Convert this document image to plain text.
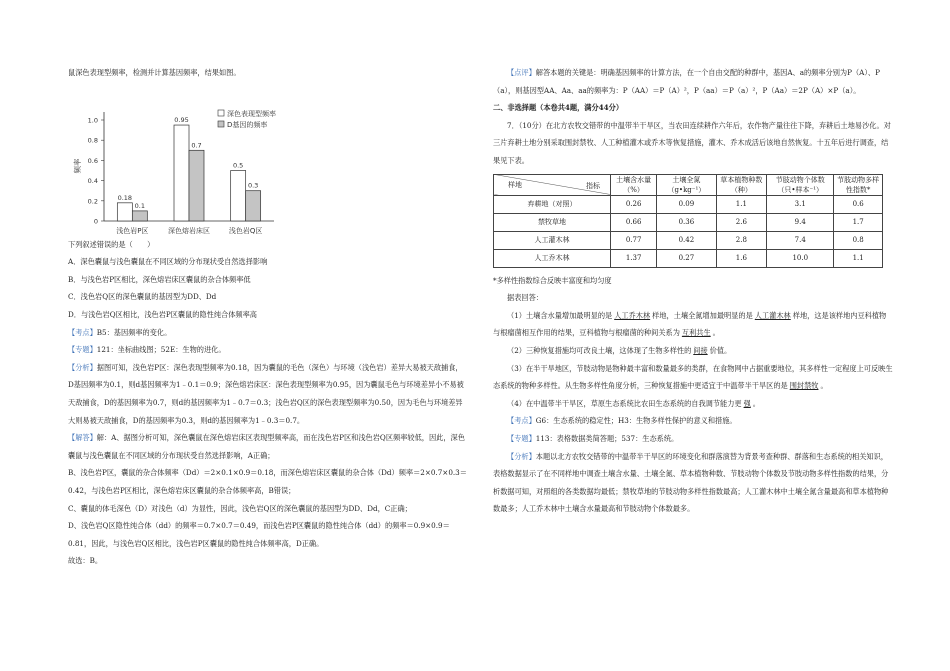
鼠深色表现型频率，检测并计算基因频率，结果如图。

0
0.2
0.4
0.6
0.8
1.0
频率
0.18
0.1
浅色岩P区
0.95
0.7
深色熔岩床区
0.5
0.3
浅色岩Q区
深色表现型频率
D基因的频率

下列叙述错误的是（　　）

A．深色囊鼠与浅色囊鼠在不同区域的分布现状受自然选择影响

B．与浅色岩P区相比，深色熔岩床区囊鼠的杂合体频率低

C．浅色岩Q区的深色囊鼠的基因型为DD、Dd

D．与浅色岩Q区相比，浅色岩P区囊鼠的隐性纯合体频率高

【考点】B5：基因频率的变化。

【专题】121：坐标曲线图；52E：生物的进化。

【分析】据图可知，浅色岩P区：深色表现型频率为0.18，因为囊鼠的毛色（深色）与环境（浅色岩）差异大易被天敌捕食，D基因频率为0.1，则d基因频率为1﹣0.1＝0.9；深色熔岩床区：深色表现型频率为0.95，因为囊鼠毛色与环境差异小不易被天敌捕食，D的基因频率为0.7，则d的基因频率为1﹣0.7＝0.3；浅色岩Q区的深色表现型频率为0.50，因为毛色与环境差异大则易被天敌捕食，D的基因频率为0.3，则d的基因频率为1﹣0.3＝0.7。

【解答】解：A、据图分析可知，深色囊鼠在深色熔岩床区表现型频率高，而在浅色岩P区和浅色岩Q区频率较低，因此，深色囊鼠与浅色囊鼠在不同区域的分布现状受自然选择影响，A正确；

B、浅色岩P区，囊鼠的杂合体频率（Dd）＝2×0.1×0.9＝0.18，而深色熔岩床区囊鼠的杂合体（Dd）频率＝2×0.7×0.3＝0.42，与浅色岩P区相比，深色熔岩床区囊鼠的杂合体频率高，B错误；

C、囊鼠的体毛深色（D）对浅色（d）为显性，因此，浅色岩Q区的深色囊鼠的基因型为DD、Dd，C正确；

D、浅色岩Q区隐性纯合体（dd）的频率＝0.7×0.7＝0.49，而浅色岩P区囊鼠的隐性纯合体（dd）的频率＝0.9×0.9＝0.81，因此，与浅色岩Q区相比，浅色岩P区囊鼠的隐性纯合体频率高，D正确。

故选：B。

【点评】解答本题的关键是：明确基因频率的计算方法，在一个自由交配的种群中，基因A、a的频率分别为P（A）、P（a），则基因型AA、Aa、aa的频率为：P（AA）＝P（A）²，P（aa）＝P（a）²，P（Aa）＝2P（A）×P（a）。

二、非选择题（本卷共4题，满分44分）

7．（10分）在北方农牧交错带的中温带半干旱区，当农田连续耕作六年后，农作物产量往往下降，弃耕后土地易沙化。对三片弃耕土地分别采取围封禁牧、人工种植灌木或乔木等恢复措施，灌木、乔木成活后该地自然恢复。十五年后进行调查，结果见下表。

指标
样地	土壤含水量（%）	土壤全氮（g•kg⁻¹）	草本植物种数（种）	节肢动物个体数（只•样本⁻¹）	节肢动物多样性指数*
弃耕地（对照）	0.26	0.09	1.1	3.1	0.6
禁牧草地	0.66	0.36	2.6	9.4	1.7
人工灌木林	0.77	0.42	2.8	7.4	0.8
人工乔木林	1.37	0.27	1.6	10.0	1.1

*多样性指数综合反映丰富度和均匀度

据表回答：

（1）土壤含水量增加最明显的是 人工乔木林 样地，土壤全氮增加最明显的是 人工灌木林 样地，这是该样地内豆科植物与根瘤菌相互作用的结果，豆科植物与根瘤菌的种间关系为 互利共生 。

（2）三种恢复措施均可改良土壤，这体现了生物多样性的 间接 价值。

（3）在半干旱地区，节肢动物是物种最丰富和数量最多的类群，在食物网中占据重要地位，其多样性一定程度上可反映生态系统的物种多样性。从生物多样性角度分析，三种恢复措施中更适宜于中温带半干旱区的是 围封禁牧 。

（4）在中温带半干旱区，草原生态系统比农田生态系统的自我调节能力更 强 。

【考点】G6：生态系统的稳定性；H3：生物多样性保护的意义和措施。

【专题】113：表格数据类简答题；537：生态系统。

【分析】本题以北方农牧交错带的中温带半干旱区的环境变化和群落演替为背景考查种群、群落和生态系统的相关知识，表格数据显示了在不同样地中调查土壤含水量、土壤全氮、草本植物种数、节肢动物个体数及节肢动物多样性指数的结果，分析数据可知，对照组的各类数据均最低；禁牧草地的节肢动物多样性指数最高；人工灌木林中土壤全氮含量最高和草本植物种数最多；人工乔木林中土壤含水量最高和节肢动物个体数最多。
